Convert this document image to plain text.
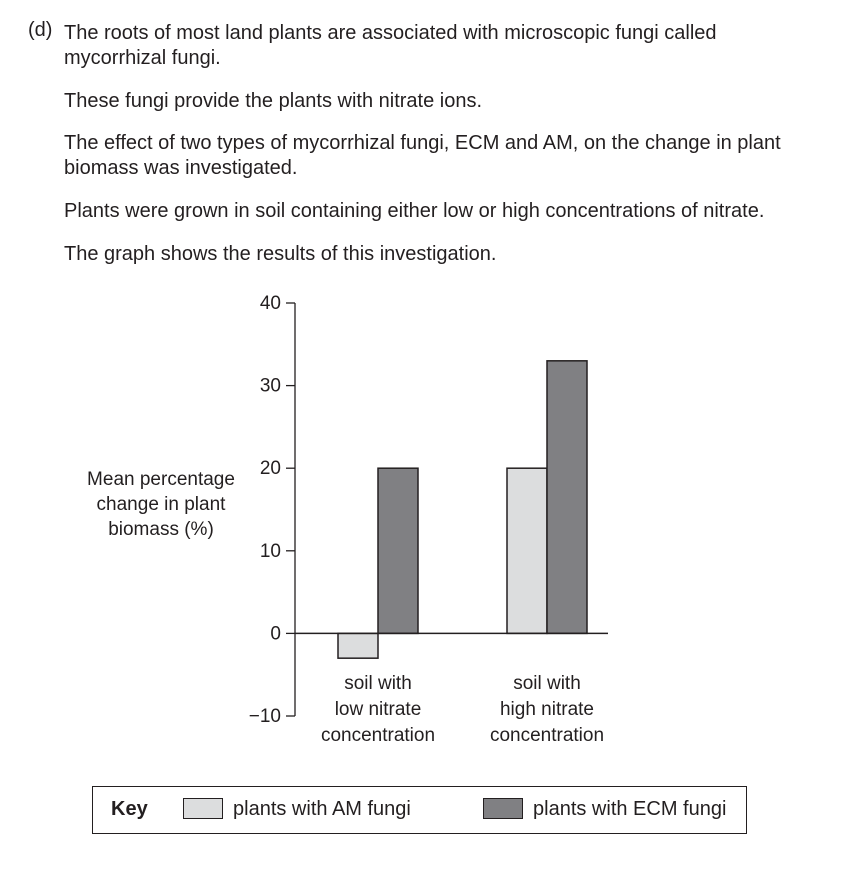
(d) The roots of most land plants are associated with microscopic fungi called mycorrhizal fungi.

These fungi provide the plants with nitrate ions.

The effect of two types of mycorrhizal fungi, ECM and AM, on the change in plant biomass was investigated.

Plants were grown in soil containing either low or high concentrations of nitrate.

The graph shows the results of this investigation.

40
30
20
10
0
−10
soil with
low nitrate
concentration
soil with
high nitrate
concentration
Mean percentage
change in plant
biomass (%)
Key	plants with AM fungi	plants with ECM fungi
